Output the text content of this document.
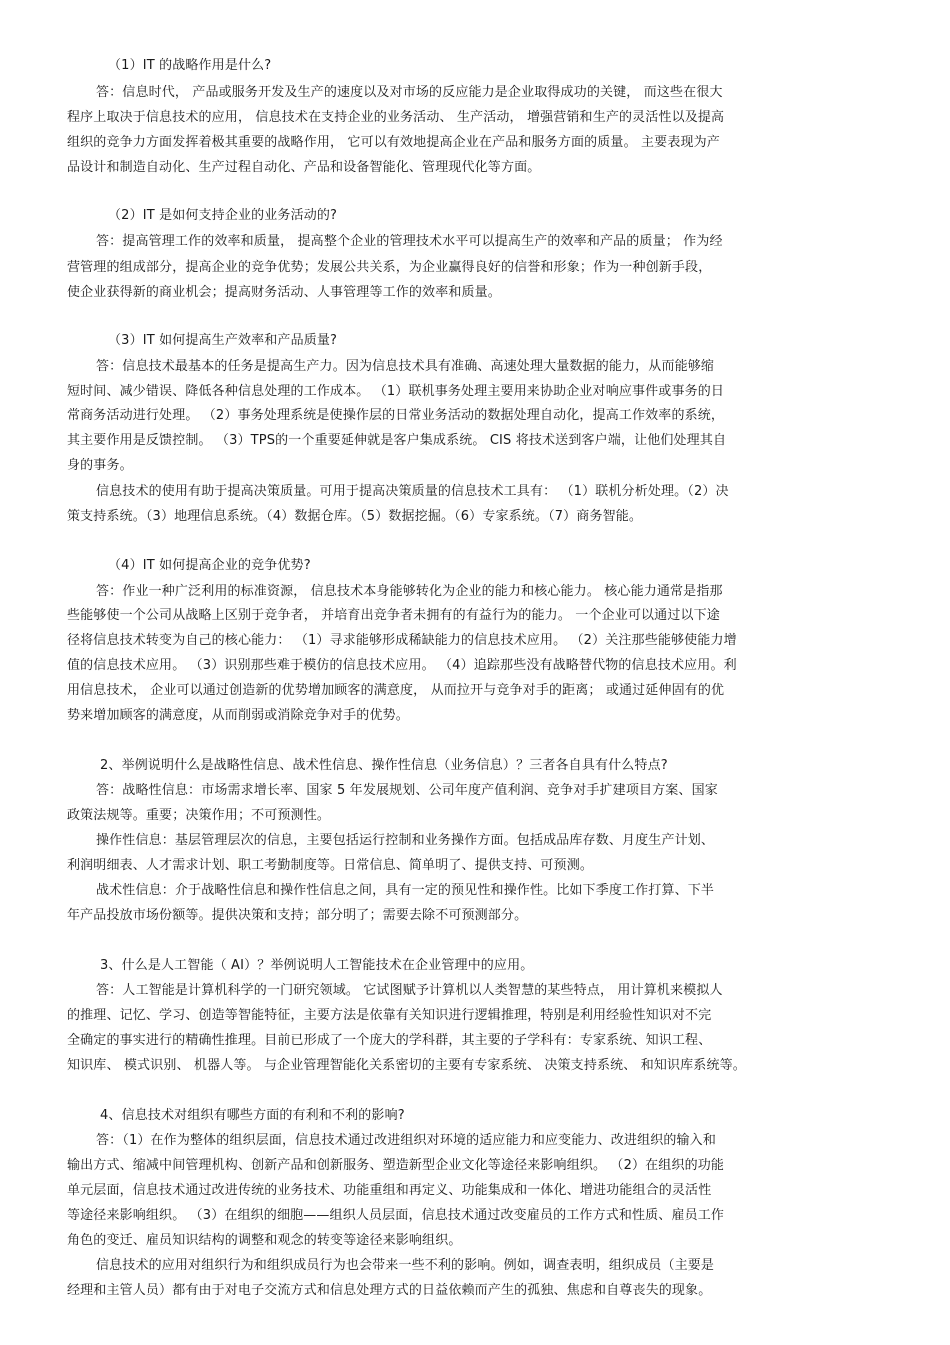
（1）IT 的战略作用是什么?
答：信息时代， 产品或服务开发及生产的速度以及对市场的反应能力是企业取得成功的关键， 而这些在很大
程序上取决于信息技术的应用， 信息技术在支持企业的业务活动、 生产活动， 增强营销和生产的灵活性以及提高
组织的竞争力方面发挥着极其重要的战略作用， 它可以有效地提高企业在产品和服务方面的质量。 主要表现为产
品设计和制造自动化、生产过程自动化、产品和设备智能化、管理现代化等方面。
（2）IT 是如何支持企业的业务活动的?
答：提高管理工作的效率和质量， 提高整个企业的管理技术水平可以提高生产的效率和产品的质量； 作为经
营管理的组成部分，提高企业的竞争优势；发展公共关系，为企业赢得良好的信誉和形象；作为一种创新手段，
使企业获得新的商业机会；提高财务活动、人事管理等工作的效率和质量。
（3）IT 如何提高生产效率和产品质量?
答：信息技术最基本的任务是提高生产力。因为信息技术具有准确、高速处理大量数据的能力，从而能够缩
短时间、减少错误、降低各种信息处理的工作成本。 （1）联机事务处理主要用来协助企业对响应事件或事务的日
常商务活动进行处理。 （2）事务处理系统是使操作层的日常业务活动的数据处理自动化，提高工作效率的系统，
其主要作用是反馈控制。 （3）TPS的一个重要延伸就是客户集成系统。 CIS 将技术送到客户端，让他们处理其自
身的事务。
信息技术的使用有助于提高决策质量。可用于提高决策质量的信息技术工具有： （1）联机分析处理。（2）决
策支持系统。（3）地理信息系统。（4）数据仓库。（5）数据挖掘。（6）专家系统。（7）商务智能。
（4）IT 如何提高企业的竞争优势?
答：作业一种广泛利用的标准资源， 信息技术本身能够转化为企业的能力和核心能力。 核心能力通常是指那
些能够使一个公司从战略上区别于竞争者， 并培育出竞争者未拥有的有益行为的能力。 一个企业可以通过以下途
径将信息技术转变为自己的核心能力： （1）寻求能够形成稀缺能力的信息技术应用。 （2）关注那些能够使能力增
值的信息技术应用。 （3）识别那些难于模仿的信息技术应用。 （4）追踪那些没有战略替代物的信息技术应用。利
用信息技术， 企业可以通过创造新的优势增加顾客的满意度， 从而拉开与竞争对手的距离； 或通过延伸固有的优
势来增加顾客的满意度，从而削弱或消除竞争对手的优势。
2、举例说明什么是战略性信息、战术性信息、操作性信息（业务信息）？三者各自具有什么特点?
答：战略性信息：市场需求增长率、国家 5 年发展规划、公司年度产值利润、竞争对手扩建项目方案、国家
政策法规等。重要；决策作用；不可预测性。
操作性信息：基层管理层次的信息，主要包括运行控制和业务操作方面。包括成品库存数、月度生产计划、
利润明细表、人才需求计划、职工考勤制度等。日常信息、简单明了、提供支持、可预测。
战术性信息：介于战略性信息和操作性信息之间，具有一定的预见性和操作性。比如下季度工作打算、下半
年产品投放市场份额等。提供决策和支持；部分明了；需要去除不可预测部分。
3、什么是人工智能（ AI）？举例说明人工智能技术在企业管理中的应用。
答：人工智能是计算机科学的一门研究领域。 它试图赋予计算机以人类智慧的某些特点， 用计算机来模拟人
的推理、记忆、学习、创造等智能特征，主要方法是依靠有关知识进行逻辑推理，特别是利用经验性知识对不完
全确定的事实进行的精确性推理。目前已形成了一个庞大的学科群，其主要的子学科有：专家系统、知识工程、
知识库、 模式识别、 机器人等。 与企业管理智能化关系密切的主要有专家系统、 决策支持系统、 和知识库系统等。
4、信息技术对组织有哪些方面的有利和不利的影响?
答：（1）在作为整体的组织层面，信息技术通过改进组织对环境的适应能力和应变能力、改进组织的输入和
输出方式、缩减中间管理机构、创新产品和创新服务、塑造新型企业文化等途径来影响组织。 （2）在组织的功能
单元层面，信息技术通过改进传统的业务技术、功能重组和再定义、功能集成和一体化、增进功能组合的灵活性
等途径来影响组织。 （3）在组织的细胞——组织人员层面，信息技术通过改变雇员的工作方式和性质、雇员工作
角色的变迁、雇员知识结构的调整和观念的转变等途径来影响组织。
信息技术的应用对组织行为和组织成员行为也会带来一些不利的影响。例如，调查表明，组织成员（主要是
经理和主管人员）都有由于对电子交流方式和信息处理方式的日益依赖而产生的孤独、焦虑和自尊丧失的现象。
